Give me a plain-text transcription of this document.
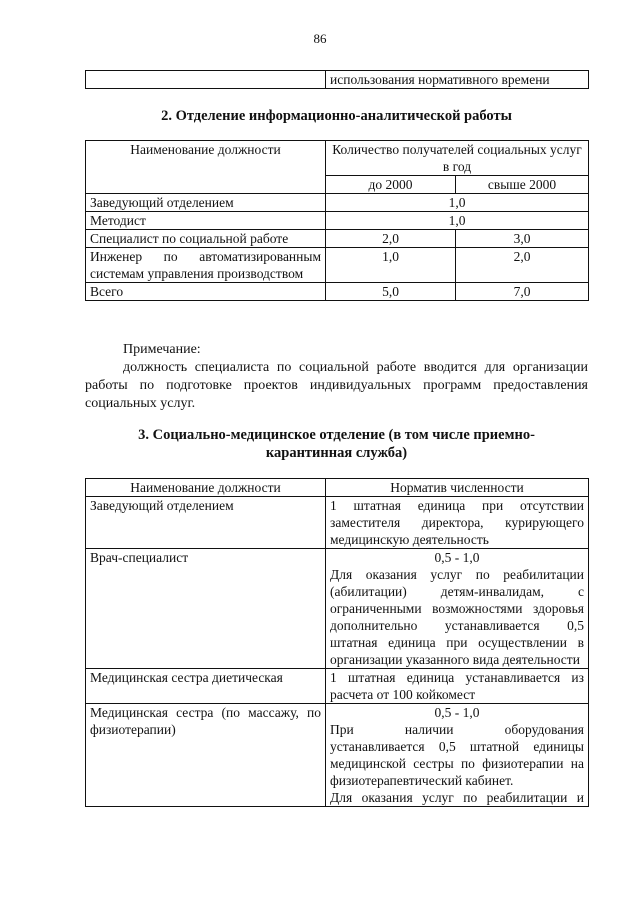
86
	использования нормативного времени
2. Отделение информационно-аналитической работы
Наименование должности	Количество получателей социальных услуг в год	
	до 2000	свыше 2000
Заведующий отделением	1,0	
Методист	1,0	
Специалист по социальной работе	2,0	3,0
Инженер по автоматизированным системам управления производством	1,0	2,0
Всего	5,0	7,0
Примечание:
должность специалиста по социальной работе вводится для организации работы по подготовке проектов индивидуальных программ предоставления социальных услуг.
3. Социально-медицинское отделение (в том числе приемно-
карантинная служба)
Наименование должности	Норматив численности
Заведующий отделением	1 штатная единица при отсутствии заместителя директора, курирующего медицинскую деятельность

Врач-специалист	0,5 - 1,0
Для оказания услуг по реабилитации (абилитации) детям-инвалидам, с ограниченными возможностями здоровья дополнительно устанавливается 0,5 штатная единица при осуществлении в организации указанного вида деятельности

Медицинская сестра диетическая	1 штатная единица устанавливается из расчета от 100 койкомест

Медицинская сестра (по массажу, по физиотерапии)	0,5 - 1,0
При наличии оборудования устанавливается 0,5 штатной единицы медицинской сестры по физиотерапии на физиотерапевтический кабинет.
Для оказания услуг по реабилитации и
